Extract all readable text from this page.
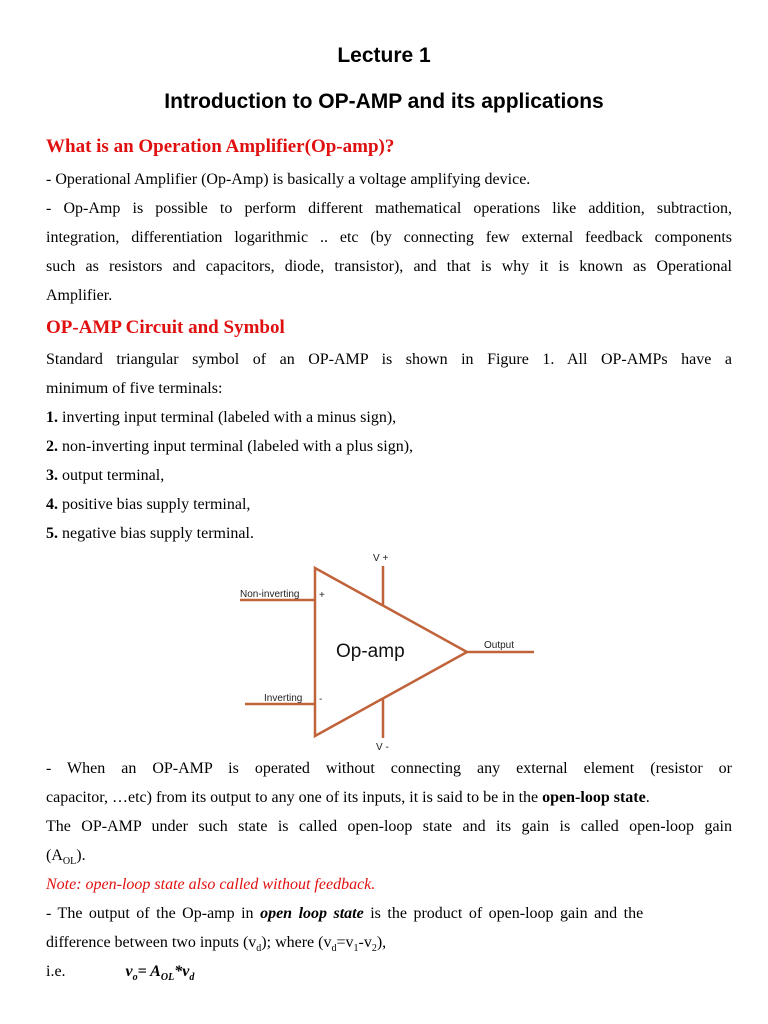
Lecture 1
Introduction to OP-AMP and its applications
What is an Operation Amplifier(Op-amp)?
- Operational Amplifier (Op-Amp) is basically a voltage amplifying device.
- Op-Amp is possible to perform different mathematical operations like addition, subtraction,
integration, differentiation logarithmic .. etc (by connecting few external feedback components
such as resistors and capacitors, diode, transistor), and that is why it is known as Operational
Amplifier.
OP-AMP Circuit and Symbol
Standard triangular symbol of an OP-AMP is shown in Figure 1. All OP-AMPs have a
minimum of five terminals:
1. inverting input terminal (labeled with a minus sign),
2. non-inverting input terminal (labeled with a plus sign),
3. output terminal,
4. positive bias supply terminal,
5. negative bias supply terminal.
V +
V -
Non-inverting +
Inverting -
Op-amp	Output
- When an OP-AMP is operated without connecting any external element (resistor or
capacitor, …etc) from its output to any one of its inputs, it is said to be in the open-loop state.
The OP-AMP under such state is called open-loop state and its gain is called open-loop gain
$(A_{OL})$.
Note: open-loop state also called without feedback.
- The output of the Op-amp in open loop state is the product of open-loop gain and the
difference between two inputs $(v_d)$; where $(v_d=v_1-v_2)$,
i.e.	$v_o= A_{OL}*v_d$
